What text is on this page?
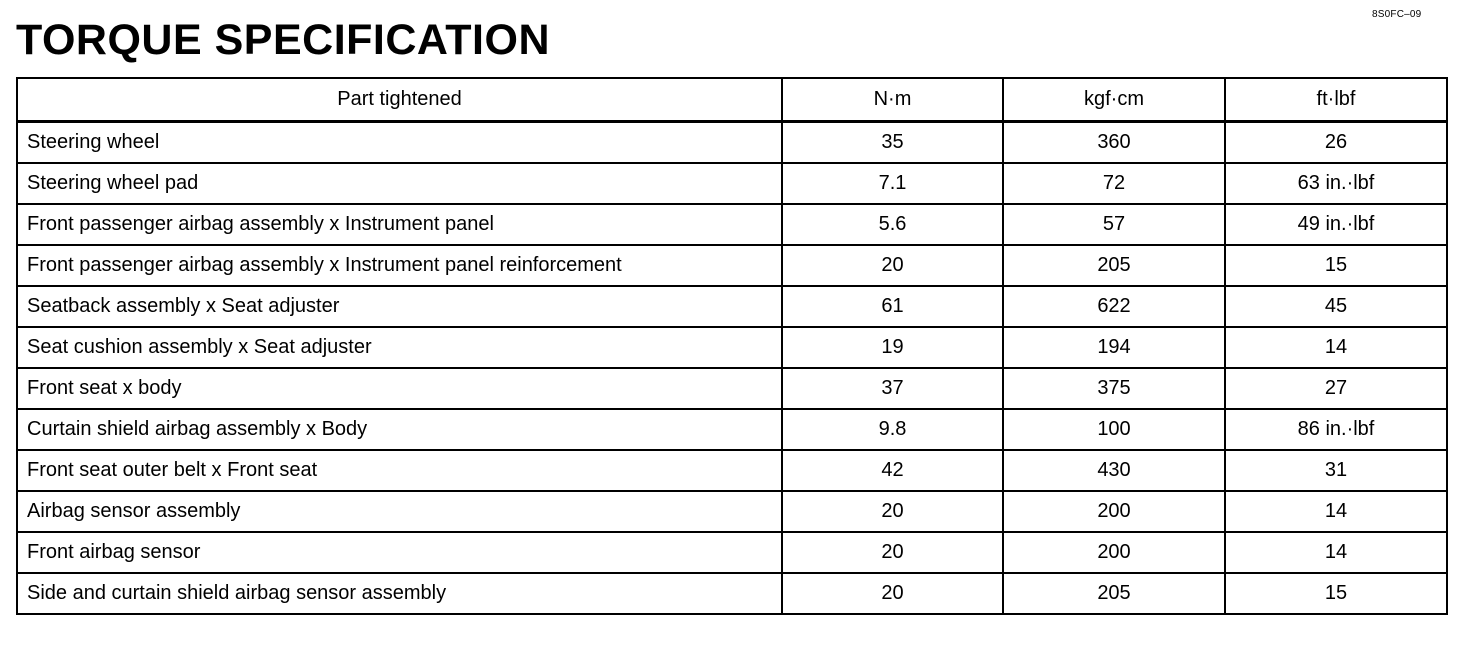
8S0FC–09
TORQUE SPECIFICATION
Part tightened	N·m	kgf·cm	ft·lbf
Steering wheel	35	360	26
Steering wheel pad	7.1	72	63 in.·lbf
Front passenger airbag assembly x Instrument panel	5.6	57	49 in.·lbf
Front passenger airbag assembly x Instrument panel reinforcement	20	205	15
Seatback assembly x Seat adjuster	61	622	45
Seat cushion assembly x Seat adjuster	19	194	14
Front seat x body	37	375	27
Curtain shield airbag assembly x Body	9.8	100	86 in.·lbf
Front seat outer belt x Front seat	42	430	31
Airbag sensor assembly	20	200	14
Front airbag sensor	20	200	14
Side and curtain shield airbag sensor assembly	20	205	15
